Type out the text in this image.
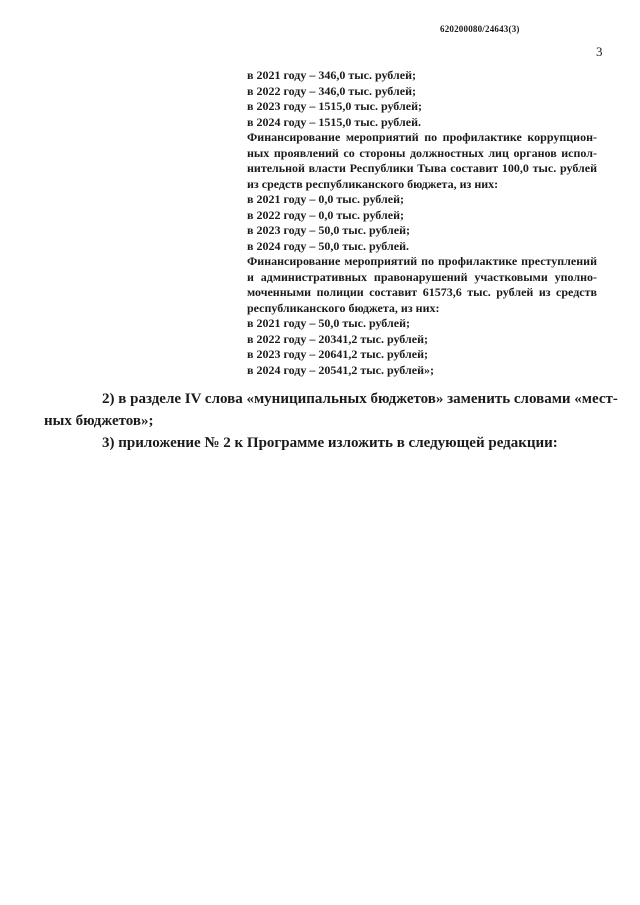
620200080/24643(3)
3
в 2021 году – 346,0 тыс. рублей;
в 2022 году – 346,0 тыс. рублей;
в 2023 году – 1515,0 тыс. рублей;
в 2024 году – 1515,0 тыс. рублей.
Финансирование мероприятий по профилактике коррупцион-
ных проявлений со стороны должностных лиц органов испол-
нительной власти Республики Тыва составит 100,0 тыс. рублей
из средств республиканского бюджета, из них:
в 2021 году – 0,0 тыс. рублей;
в 2022 году – 0,0 тыс. рублей;
в 2023 году – 50,0 тыс. рублей;
в 2024 году – 50,0 тыс. рублей.
Финансирование мероприятий по профилактике преступлений
и административных правонарушений участковыми уполно-
моченными полиции составит 61573,6 тыс. рублей из средств
республиканского бюджета, из них:
в 2021 году – 50,0 тыс. рублей;
в 2022 году – 20341,2 тыс. рублей;
в 2023 году – 20641,2 тыс. рублей;
в 2024 году – 20541,2 тыс. рублей»;
2) в разделе IV слова «муниципальных бюджетов» заменить словами «мест-
ных бюджетов»;
3) приложение № 2 к Программе изложить в следующей редакции:
